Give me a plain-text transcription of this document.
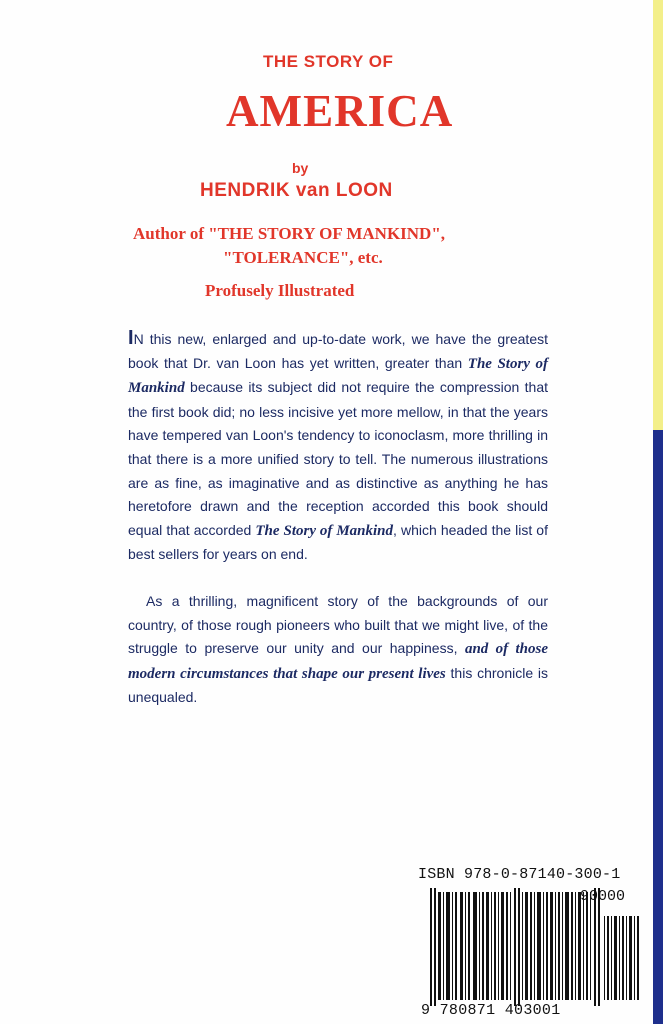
THE STORY OF
AMERICA
by
HENDRIK van LOON
Author of "THE STORY OF MANKIND",
"TOLERANCE", etc.
Profusely Illustrated

IN this new, enlarged and up-to-date work, we have the greatest book that Dr. van Loon has yet written, greater than The Story of Mankind because its subject did not require the compression that the first book did; no less incisive yet more mellow, in that the years have tempered van Loon's tendency to iconoclasm, more thrilling in that there is a more unified story to tell. The numerous illustrations are as fine, as imaginative and as distinctive as anything he has heretofore drawn and the reception accorded this book should equal that accorded The Story of Mankind, which headed the list of best sellers for years on end.

As a thrilling, magnificent story of the backgrounds of our country, of those rough pioneers who built that we might live, of the struggle to preserve our unity and our happiness, and of those modern circumstances that shape our present lives this chronicle is unequaled.

ISBN 978-0-87140-300-1
90000
9 780871 403001
